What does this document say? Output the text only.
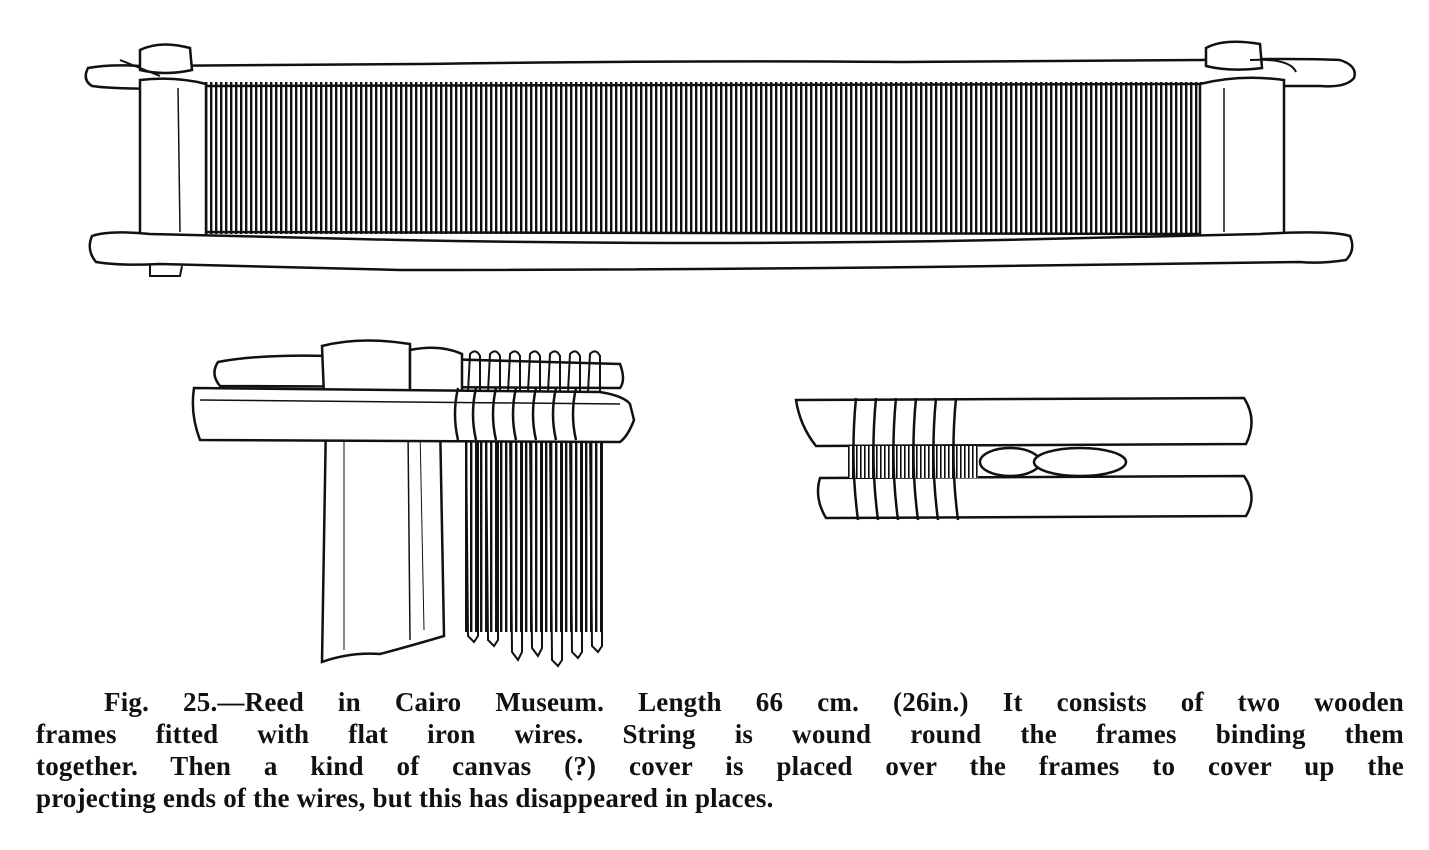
Fig. 25.—Reed in Cairo Museum. Length 66 cm. (26in.) It consists of two wooden
frames fitted with flat iron wires. String is wound round the frames binding them
together. Then a kind of canvas (?) cover is placed over the frames to cover up the
projecting ends of the wires, but this has disappeared in places.
